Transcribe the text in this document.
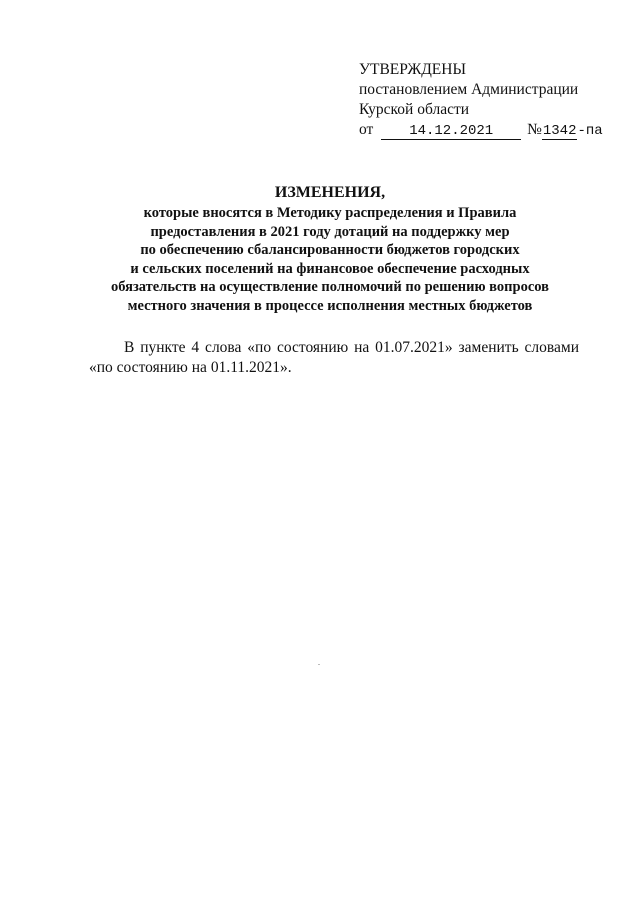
УТВЕРЖДЕНЫ
постановлением Администрации
Курской области
от	14.12.2021 №1342-па
ИЗМЕНЕНИЯ,
которые вносятся в Методику распределения и Правила
предоставления в 2021 году дотаций на поддержку мер
по обеспечению сбалансированности бюджетов городских
и сельских поселений на финансовое обеспечение расходных
обязательств на осуществление полномочий по решению вопросов
местного значения в процессе исполнения местных бюджетов

В пункте 4 слова «по состоянию на 01.07.2021» заменить словами «по состоянию на 01.11.2021».
